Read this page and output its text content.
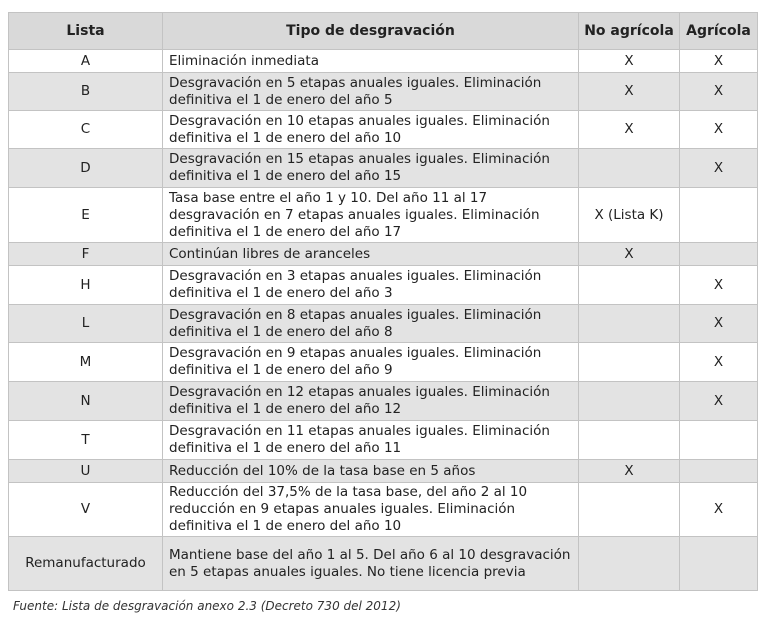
Lista	Tipo de desgravación	No agrícola	Agrícola
A	Eliminación inmediata	X	X
B	Desgravación en 5 etapas anuales iguales. Eliminación definitiva el 1 de enero del año 5	X	X
C	Desgravación en 10 etapas anuales iguales. Eliminación definitiva el 1 de enero del año 10	X	X
D	Desgravación en 15 etapas anuales iguales. Eliminación definitiva el 1 de enero del año 15		X
E	Tasa base entre el año 1 y 10. Del año 11 al 17 desgravación en 7 etapas anuales iguales. Eliminación definitiva el 1 de enero del año 17	X (Lista K)	
F	Continúan libres de aranceles	X	
H	Desgravación en 3 etapas anuales iguales. Eliminación definitiva el 1 de enero del año 3		X
L	Desgravación en 8 etapas anuales iguales. Eliminación definitiva el 1 de enero del año 8		X
M	Desgravación en 9 etapas anuales iguales. Eliminación definitiva el 1 de enero del año 9		X
N	Desgravación en 12 etapas anuales iguales. Eliminación definitiva el 1 de enero del año 12		X
T	Desgravación en 11 etapas anuales iguales. Eliminación definitiva el 1 de enero del año 11		
U	Reducción del 10% de la tasa base en 5 años	X	
V	Reducción del 37,5% de la tasa base, del año 2 al 10 reducción en 9 etapas anuales iguales. Eliminación definitiva el 1 de enero del año 10		X
Remanufacturado	Mantiene base del año 1 al 5. Del año 6 al 10 desgravación en 5 etapas anuales iguales. No tiene licencia previa		
Fuente: Lista de desgravación anexo 2.3 (Decreto 730 del 2012)
